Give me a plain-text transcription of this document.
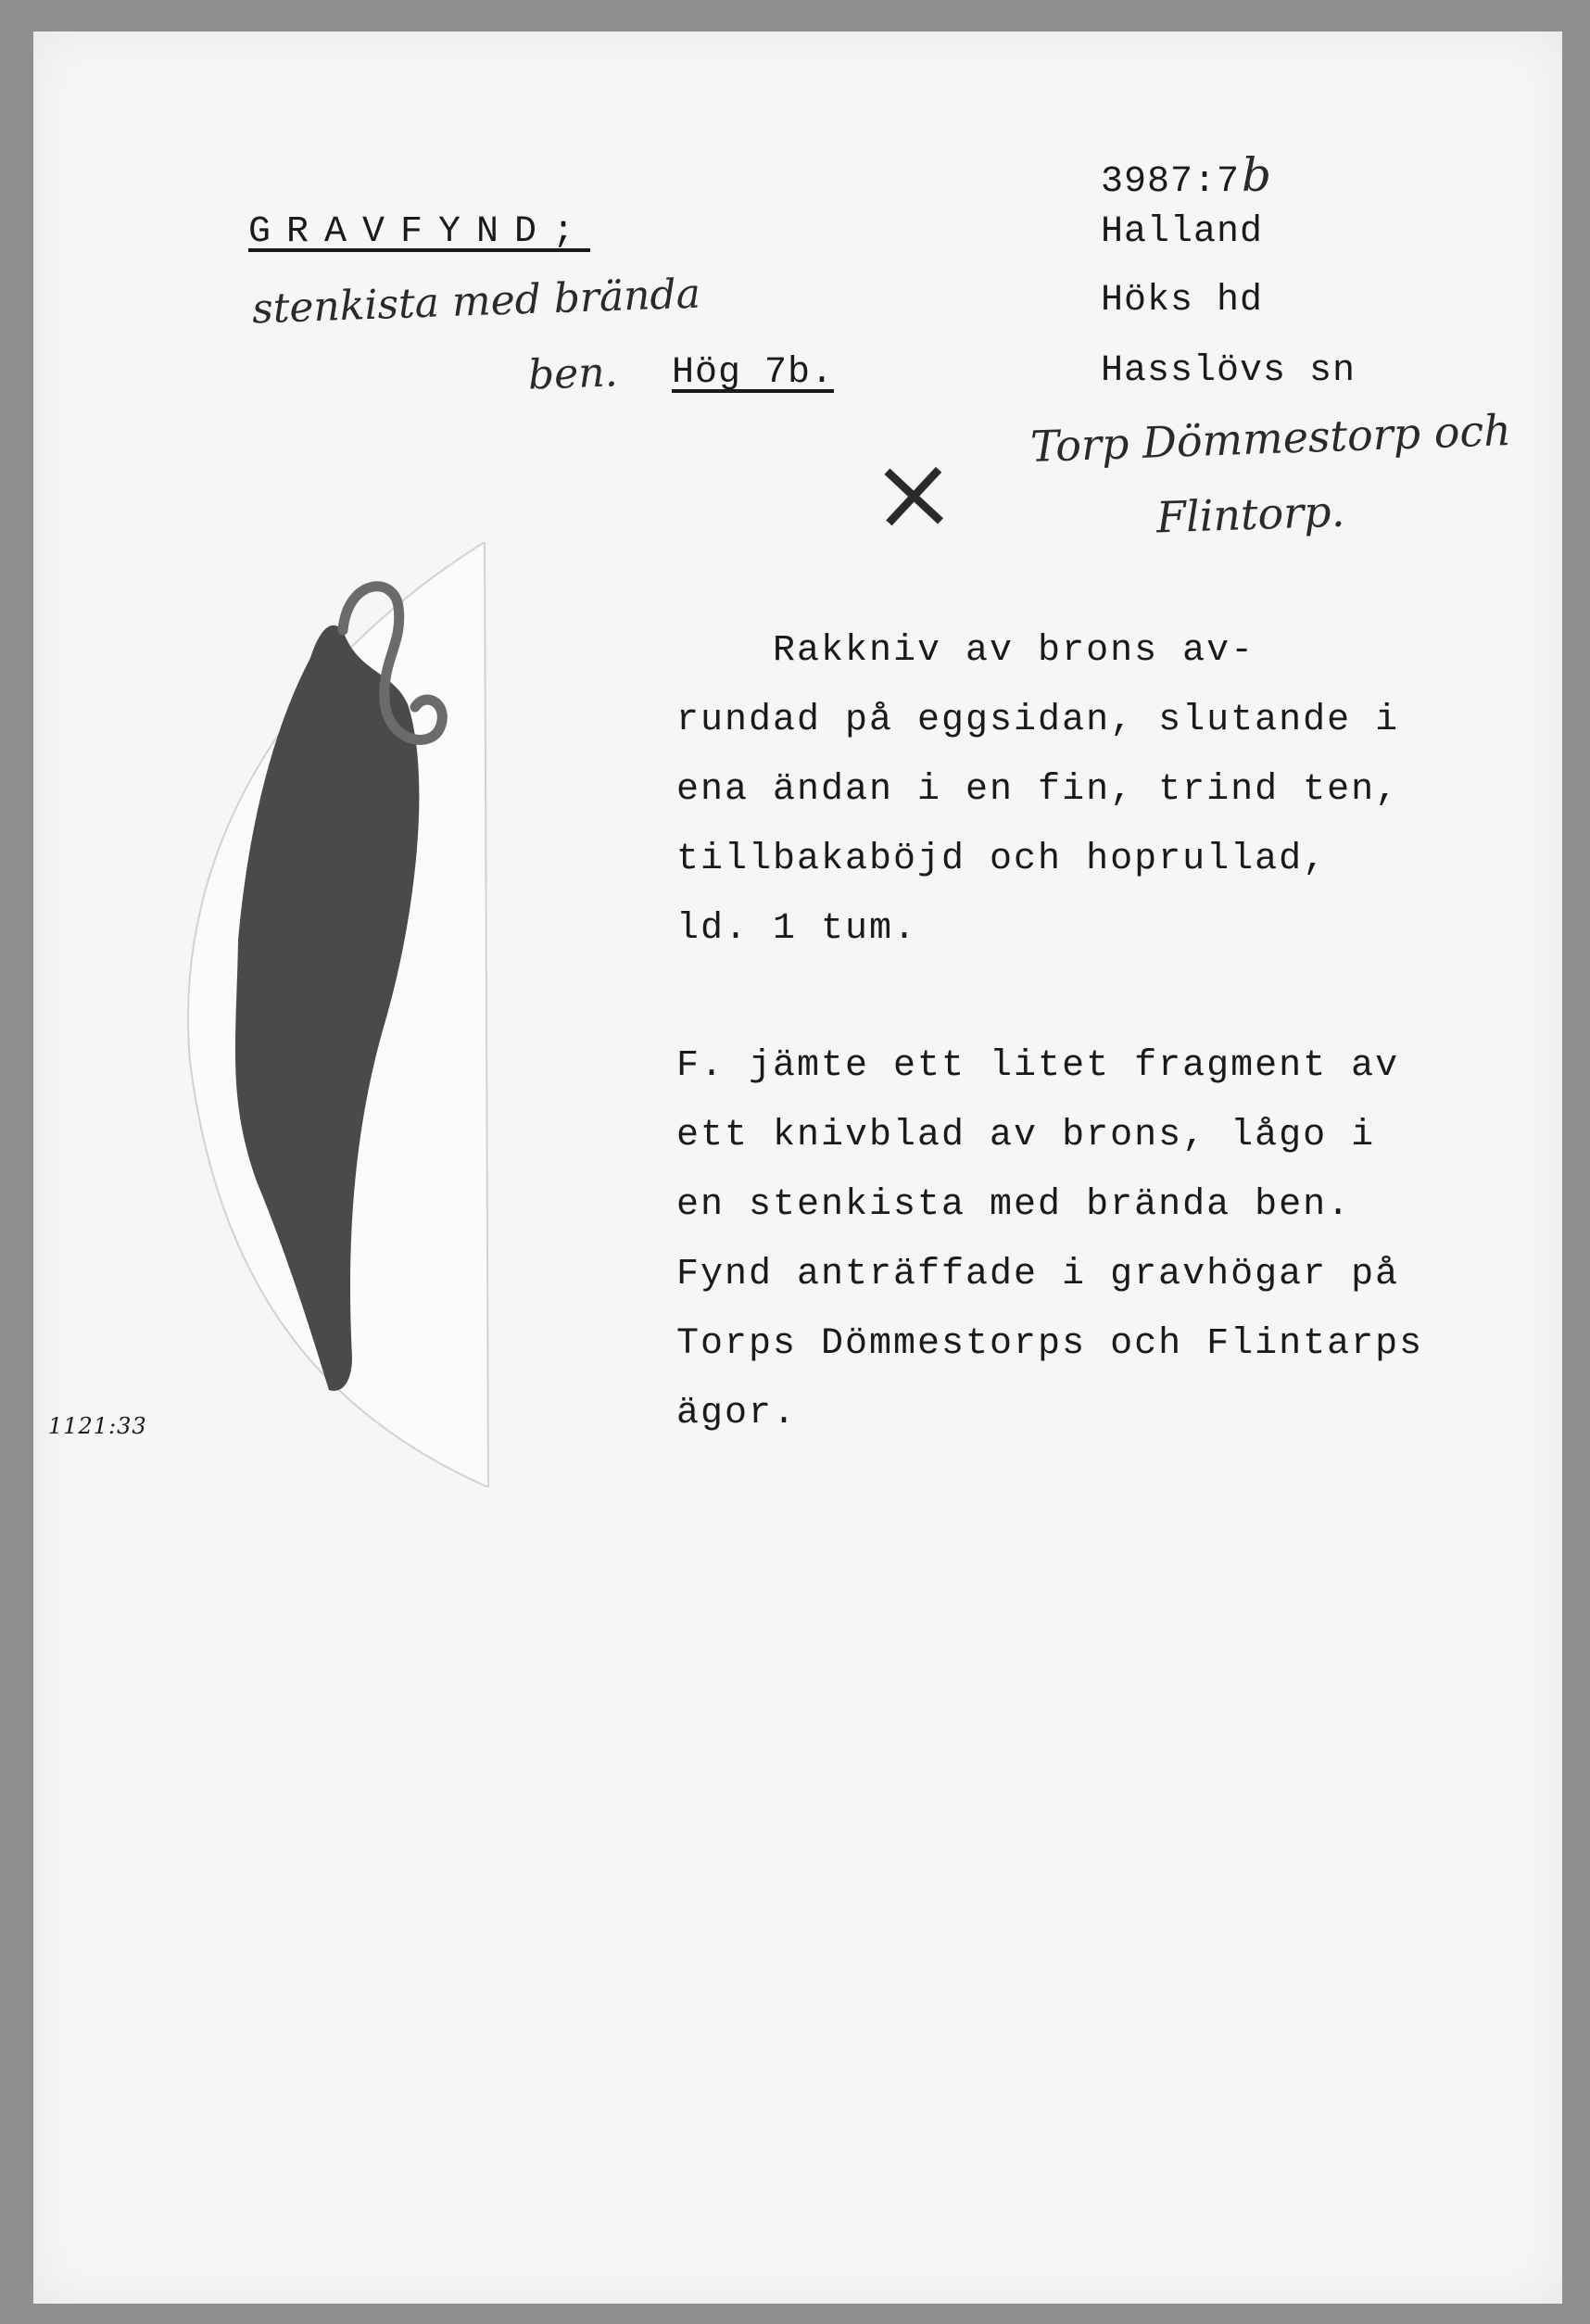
GRAVFYND;
stenkista med brända
ben. Hög 7b.
3987:7b
Halland
Höks hd
Hasslövs sn
Torp Dömmestorp och
Flintorp.
×
1121:33
Rakkniv av brons av-
rundad på eggsidan, slutande i
ena ändan i en fin, trind ten,
tillbakaböjd och hoprullad,
ld. 1 tum.
F. jämte ett litet fragment av
ett knivblad av brons, lågo i
en stenkista med brända ben.
Fynd anträffade i gravhögar på
Torps Dömmestorps och Flintarps
ägor.
